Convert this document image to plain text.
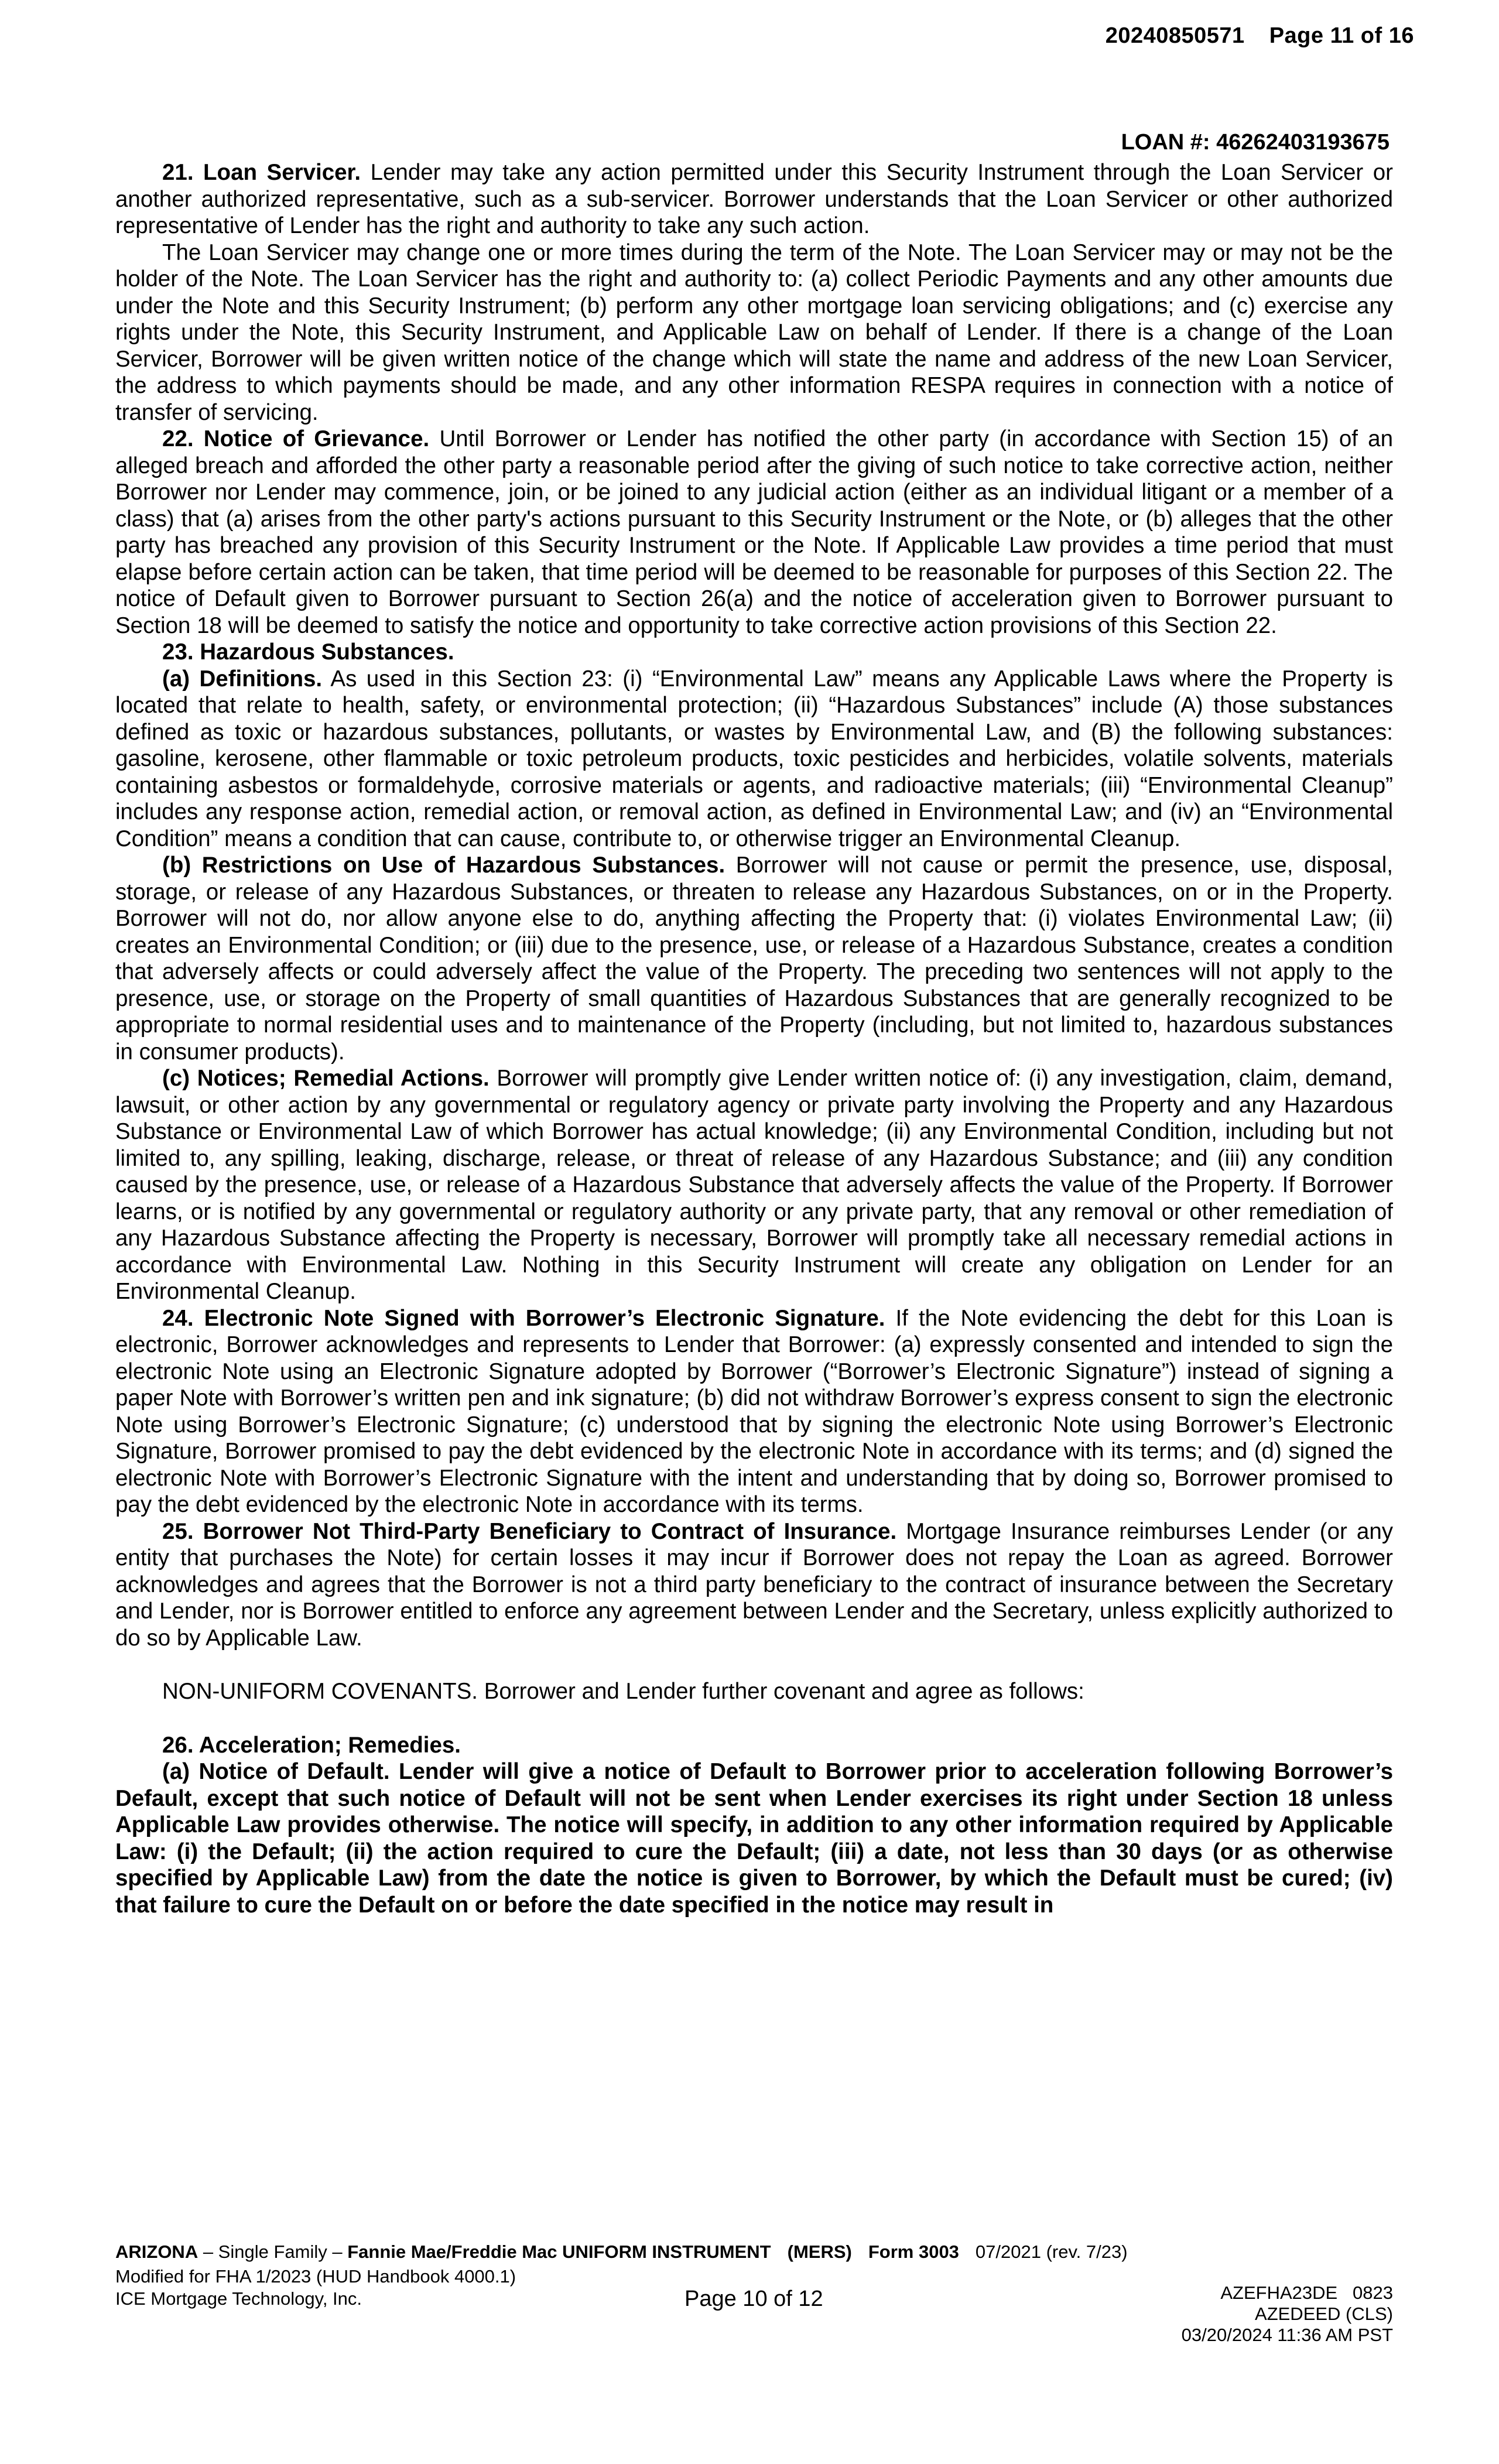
20240850571 Page 11 of 16
LOAN #: 46262403193675

21. Loan Servicer. Lender may take any action permitted under this Security Instrument through the Loan Servicer or another authorized representative, such as a sub-servicer. Borrower understands that the Loan Servicer or other authorized representative of Lender has the right and authority to take any such action.

The Loan Servicer may change one or more times during the term of the Note. The Loan Servicer may or may not be the holder of the Note. The Loan Servicer has the right and authority to: (a) collect Periodic Payments and any other amounts due under the Note and this Security Instrument; (b) perform any other mortgage loan servicing obligations; and (c) exercise any rights under the Note, this Security Instrument, and Applicable Law on behalf of Lender. If there is a change of the Loan Servicer, Borrower will be given written notice of the change which will state the name and address of the new Loan Servicer, the address to which payments should be made, and any other information RESPA requires in connection with a notice of transfer of servicing.

22. Notice of Grievance. Until Borrower or Lender has notified the other party (in accordance with Section 15) of an alleged breach and afforded the other party a reasonable period after the giving of such notice to take corrective action, neither Borrower nor Lender may commence, join, or be joined to any judicial action (either as an individual litigant or a member of a class) that (a) arises from the other party's actions pursuant to this Security Instrument or the Note, or (b) alleges that the other party has breached any provision of this Security Instrument or the Note. If Applicable Law provides a time period that must elapse before certain action can be taken, that time period will be deemed to be reasonable for purposes of this Section 22. The notice of Default given to Borrower pursuant to Section 26(a) and the notice of acceleration given to Borrower pursuant to Section 18 will be deemed to satisfy the notice and opportunity to take corrective action provisions of this Section 22.

23. Hazardous Substances.

(a) Definitions. As used in this Section 23: (i) “Environmental Law” means any Applicable Laws where the Property is located that relate to health, safety, or environmental protection; (ii) “Hazardous Substances” include (A) those substances defined as toxic or hazardous substances, pollutants, or wastes by Environmental Law, and (B) the following substances: gasoline, kerosene, other flammable or toxic petroleum products, toxic pesticides and herbicides, volatile solvents, materials containing asbestos or formaldehyde, corrosive materials or agents, and radioactive materials; (iii) “Environmental Cleanup” includes any response action, remedial action, or removal action, as defined in Environmental Law; and (iv) an “Environmental Condition” means a condition that can cause, contribute to, or otherwise trigger an Environmental Cleanup.

(b) Restrictions on Use of Hazardous Substances. Borrower will not cause or permit the presence, use, disposal, storage, or release of any Hazardous Substances, or threaten to release any Hazardous Substances, on or in the Property. Borrower will not do, nor allow anyone else to do, anything affecting the Property that: (i) violates Environmental Law; (ii) creates an Environmental Condition; or (iii) due to the presence, use, or release of a Hazardous Substance, creates a condition that adversely affects or could adversely affect the value of the Property. The preceding two sentences will not apply to the presence, use, or storage on the Property of small quantities of Hazardous Substances that are generally recognized to be appropriate to normal residential uses and to maintenance of the Property (including, but not limited to, hazardous substances in consumer products).

(c) Notices; Remedial Actions. Borrower will promptly give Lender written notice of: (i) any investigation, claim, demand, lawsuit, or other action by any governmental or regulatory agency or private party involving the Property and any Hazardous Substance or Environmental Law of which Borrower has actual knowledge; (ii) any Environmental Condition, including but not limited to, any spilling, leaking, discharge, release, or threat of release of any Hazardous Substance; and (iii) any condition caused by the presence, use, or release of a Hazardous Substance that adversely affects the value of the Property. If Borrower learns, or is notified by any governmental or regulatory authority or any private party, that any removal or other remediation of any Hazardous Substance affecting the Property is necessary, Borrower will promptly take all necessary remedial actions in accordance with Environmental Law. Nothing in this Security Instrument will create any obligation on Lender for an Environmental Cleanup.

24. Electronic Note Signed with Borrower’s Electronic Signature. If the Note evidencing the debt for this Loan is electronic, Borrower acknowledges and represents to Lender that Borrower: (a) expressly consented and intended to sign the electronic Note using an Electronic Signature adopted by Borrower (“Borrower’s Electronic Signature”) instead of signing a paper Note with Borrower’s written pen and ink signature; (b) did not withdraw Borrower’s express consent to sign the electronic Note using Borrower’s Electronic Signature; (c) understood that by signing the electronic Note using Borrower’s Electronic Signature, Borrower promised to pay the debt evidenced by the electronic Note in accordance with its terms; and (d) signed the electronic Note with Borrower’s Electronic Signature with the intent and understanding that by doing so, Borrower promised to pay the debt evidenced by the electronic Note in accordance with its terms.

25. Borrower Not Third-Party Beneficiary to Contract of Insurance. Mortgage Insurance reimburses Lender (or any entity that purchases the Note) for certain losses it may incur if Borrower does not repay the Loan as agreed. Borrower acknowledges and agrees that the Borrower is not a third party beneficiary to the contract of insurance between the Secretary and Lender, nor is Borrower entitled to enforce any agreement between Lender and the Secretary, unless explicitly authorized to do so by Applicable Law.

NON-UNIFORM COVENANTS. Borrower and Lender further covenant and agree as follows:

26. Acceleration; Remedies.

(a) Notice of Default. Lender will give a notice of Default to Borrower prior to acceleration following Borrower’s Default, except that such notice of Default will not be sent when Lender exercises its right under Section 18 unless Applicable Law provides otherwise. The notice will specify, in addition to any other information required by Applicable Law: (i) the Default; (ii) the action required to cure the Default; (iii) a date, not less than 30 days (or as otherwise specified by Applicable Law) from the date the notice is given to Borrower, by which the Default must be cured; (iv) that failure to cure the Default on or before the date specified in the notice may result in

ARIZONA – Single Family – Fannie Mae/Freddie Mac UNIFORM INSTRUMENT (MERS) Form 3003 07/2021 (rev. 7/23)
Modified for FHA 1/2023 (HUD Handbook 4000.1)
ICE Mortgage Technology, Inc.	Page 10 of 12	AZEFHA23DE   0823
AZEDEED (CLS)
03/20/2024 11:36 AM PST
